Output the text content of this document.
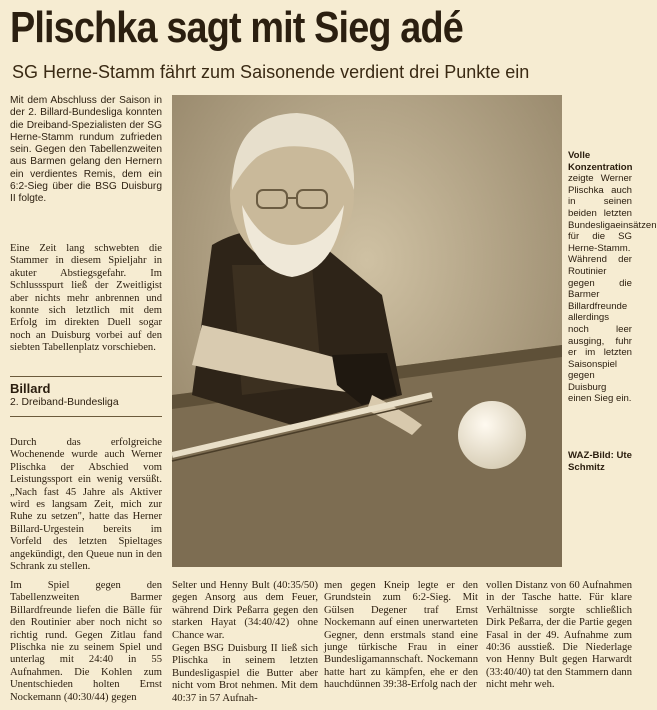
Plischka sagt mit Sieg adé
SG Herne-Stamm fährt zum Saisonende verdient drei Punkte ein
Mit dem Abschluss der Saison in der 2. Billard-Bundesliga konnten die Dreiband-Spezialisten der SG Herne-Stamm rundum zufrieden sein. Gegen den Tabellenzweiten aus Barmen gelang den Hernern ein verdientes Remis, dem ein 6:2-Sieg über die BSG Duisburg II folgte.
Eine Zeit lang schwebten die Stammer in diesem Spieljahr in akuter Abstiegsgefahr. Im Schlussspurt ließ der Zweitligist aber nichts mehr anbrennen und konnte sich letztlich mit dem Erfolg im direkten Duell sogar noch an Duisburg vorbei auf den siebten Tabellenplatz vorschieben.
Billard
2. Dreiband-Bundesliga
Durch das erfolgreiche Wochenende wurde auch Werner Plischka der Abschied vom Leistungssport ein wenig versüßt. „Nach fast 45 Jahre als Aktiver wird es langsam Zeit, mich zur Ruhe zu setzen", hatte das Herner Billard-Urgestein bereits im Vorfeld des letzten Spieltages angekündigt, den Queue nun in den Schrank zu stellen.
Im Spiel gegen den Tabellenzweiten Barmer Billardfreunde liefen die Bälle für den Routinier aber noch nicht so richtig rund. Gegen Zitlau fand Plischka nie zu seinem Spiel und unterlag mit 24:40 in 55 Aufnahmen. Die Kohlen zum Unentschieden holten Ernst Nockemann (40:30/44) gegen
Selter und Henny Bult (40:35/50) gegen Ansorg aus dem Feuer, während Dirk Peßarra gegen den starken Hayat (34:40/42) ohne Chance war.
Gegen BSG Duisburg II ließ sich Plischka in seinem letzten Bundesligaspiel die Butter aber nicht vom Brot nehmen. Mit dem 40:37 in 57 Aufnah-
men gegen Kneip legte er den Grundstein zum 6:2-Sieg. Mit Gülsen Degener traf Ernst Nockemann auf einen unerwarteten Gegner, denn erstmals stand eine junge türkische Frau in einer Bundesligamannschaft. Nockemann hatte hart zu kämpfen, ehe er den hauchdünnen 39:38-Erfolg nach der
vollen Distanz von 60 Aufnahmen in der Tasche hatte. Für klare Verhältnisse sorgte schließlich Dirk Peßarra, der die Partie gegen Fasal in der 49. Aufnahme zum 40:36 ausstieß. Die Niederlage von Henny Bult gegen Harwardt (33:40/40) tat den Stammern dann nicht mehr weh.
Volle Konzentration zeigte Werner Plischka auch in seinen beiden letzten Bundesligaeinsätzen für die SG Herne-Stamm. Während der Routinier gegen die Barmer Billardfreunde allerdings noch leer ausging, fuhr er im letzten Saisonspiel gegen Duisburg einen Sieg ein.
WAZ-Bild: Ute Schmitz
